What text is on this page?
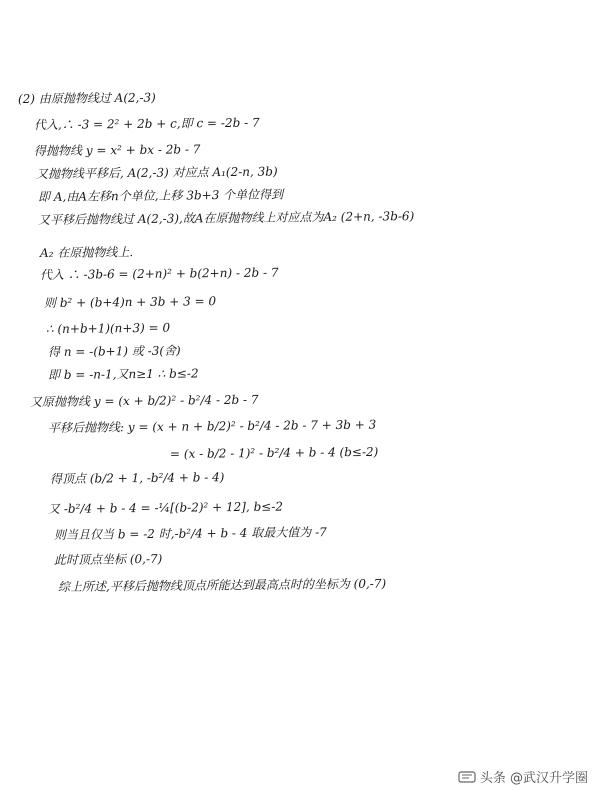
(2) 由原抛物线过 A(2,-3)
代入,∴ -3 = 2² + 2b + c,即 c = -2b - 7
得抛物线 y = x² + bx - 2b - 7
又抛物线平移后, A(2,-3) 对应点 A₁(2-n, 3b)
即 A,由A左移n个单位,上移 3b+3 个单位得到
又平移后抛物线过 A(2,-3),故A在原抛物线上对应点为A₂ (2+n, -3b-6)
A₂ 在原抛物线上.
代入 ∴ -3b-6 = (2+n)² + b(2+n) - 2b - 7
则 b² + (b+4)n + 3b + 3 = 0
∴ (n+b+1)(n+3) = 0
得 n = -(b+1) 或 -3(舍)
即 b = -n-1,又n≥1 ∴ b≤-2
又原抛物线 y = (x + b/2)² - b²/4 - 2b - 7
平移后抛物线: y = (x + n + b/2)² - b²/4 - 2b - 7 + 3b + 3
= (x - b/2 - 1)² - b²/4 + b - 4 (b≤-2)
得顶点 (b/2 + 1, -b²/4 + b - 4)
又 -b²/4 + b - 4 = -¼[(b-2)² + 12], b≤-2
则当且仅当 b = -2 时,-b²/4 + b - 4 取最大值为 -7
此时顶点坐标 (0,-7)
综上所述,平移后抛物线顶点所能达到最高点时的坐标为 (0,-7)
头条 @武汉升学圈
